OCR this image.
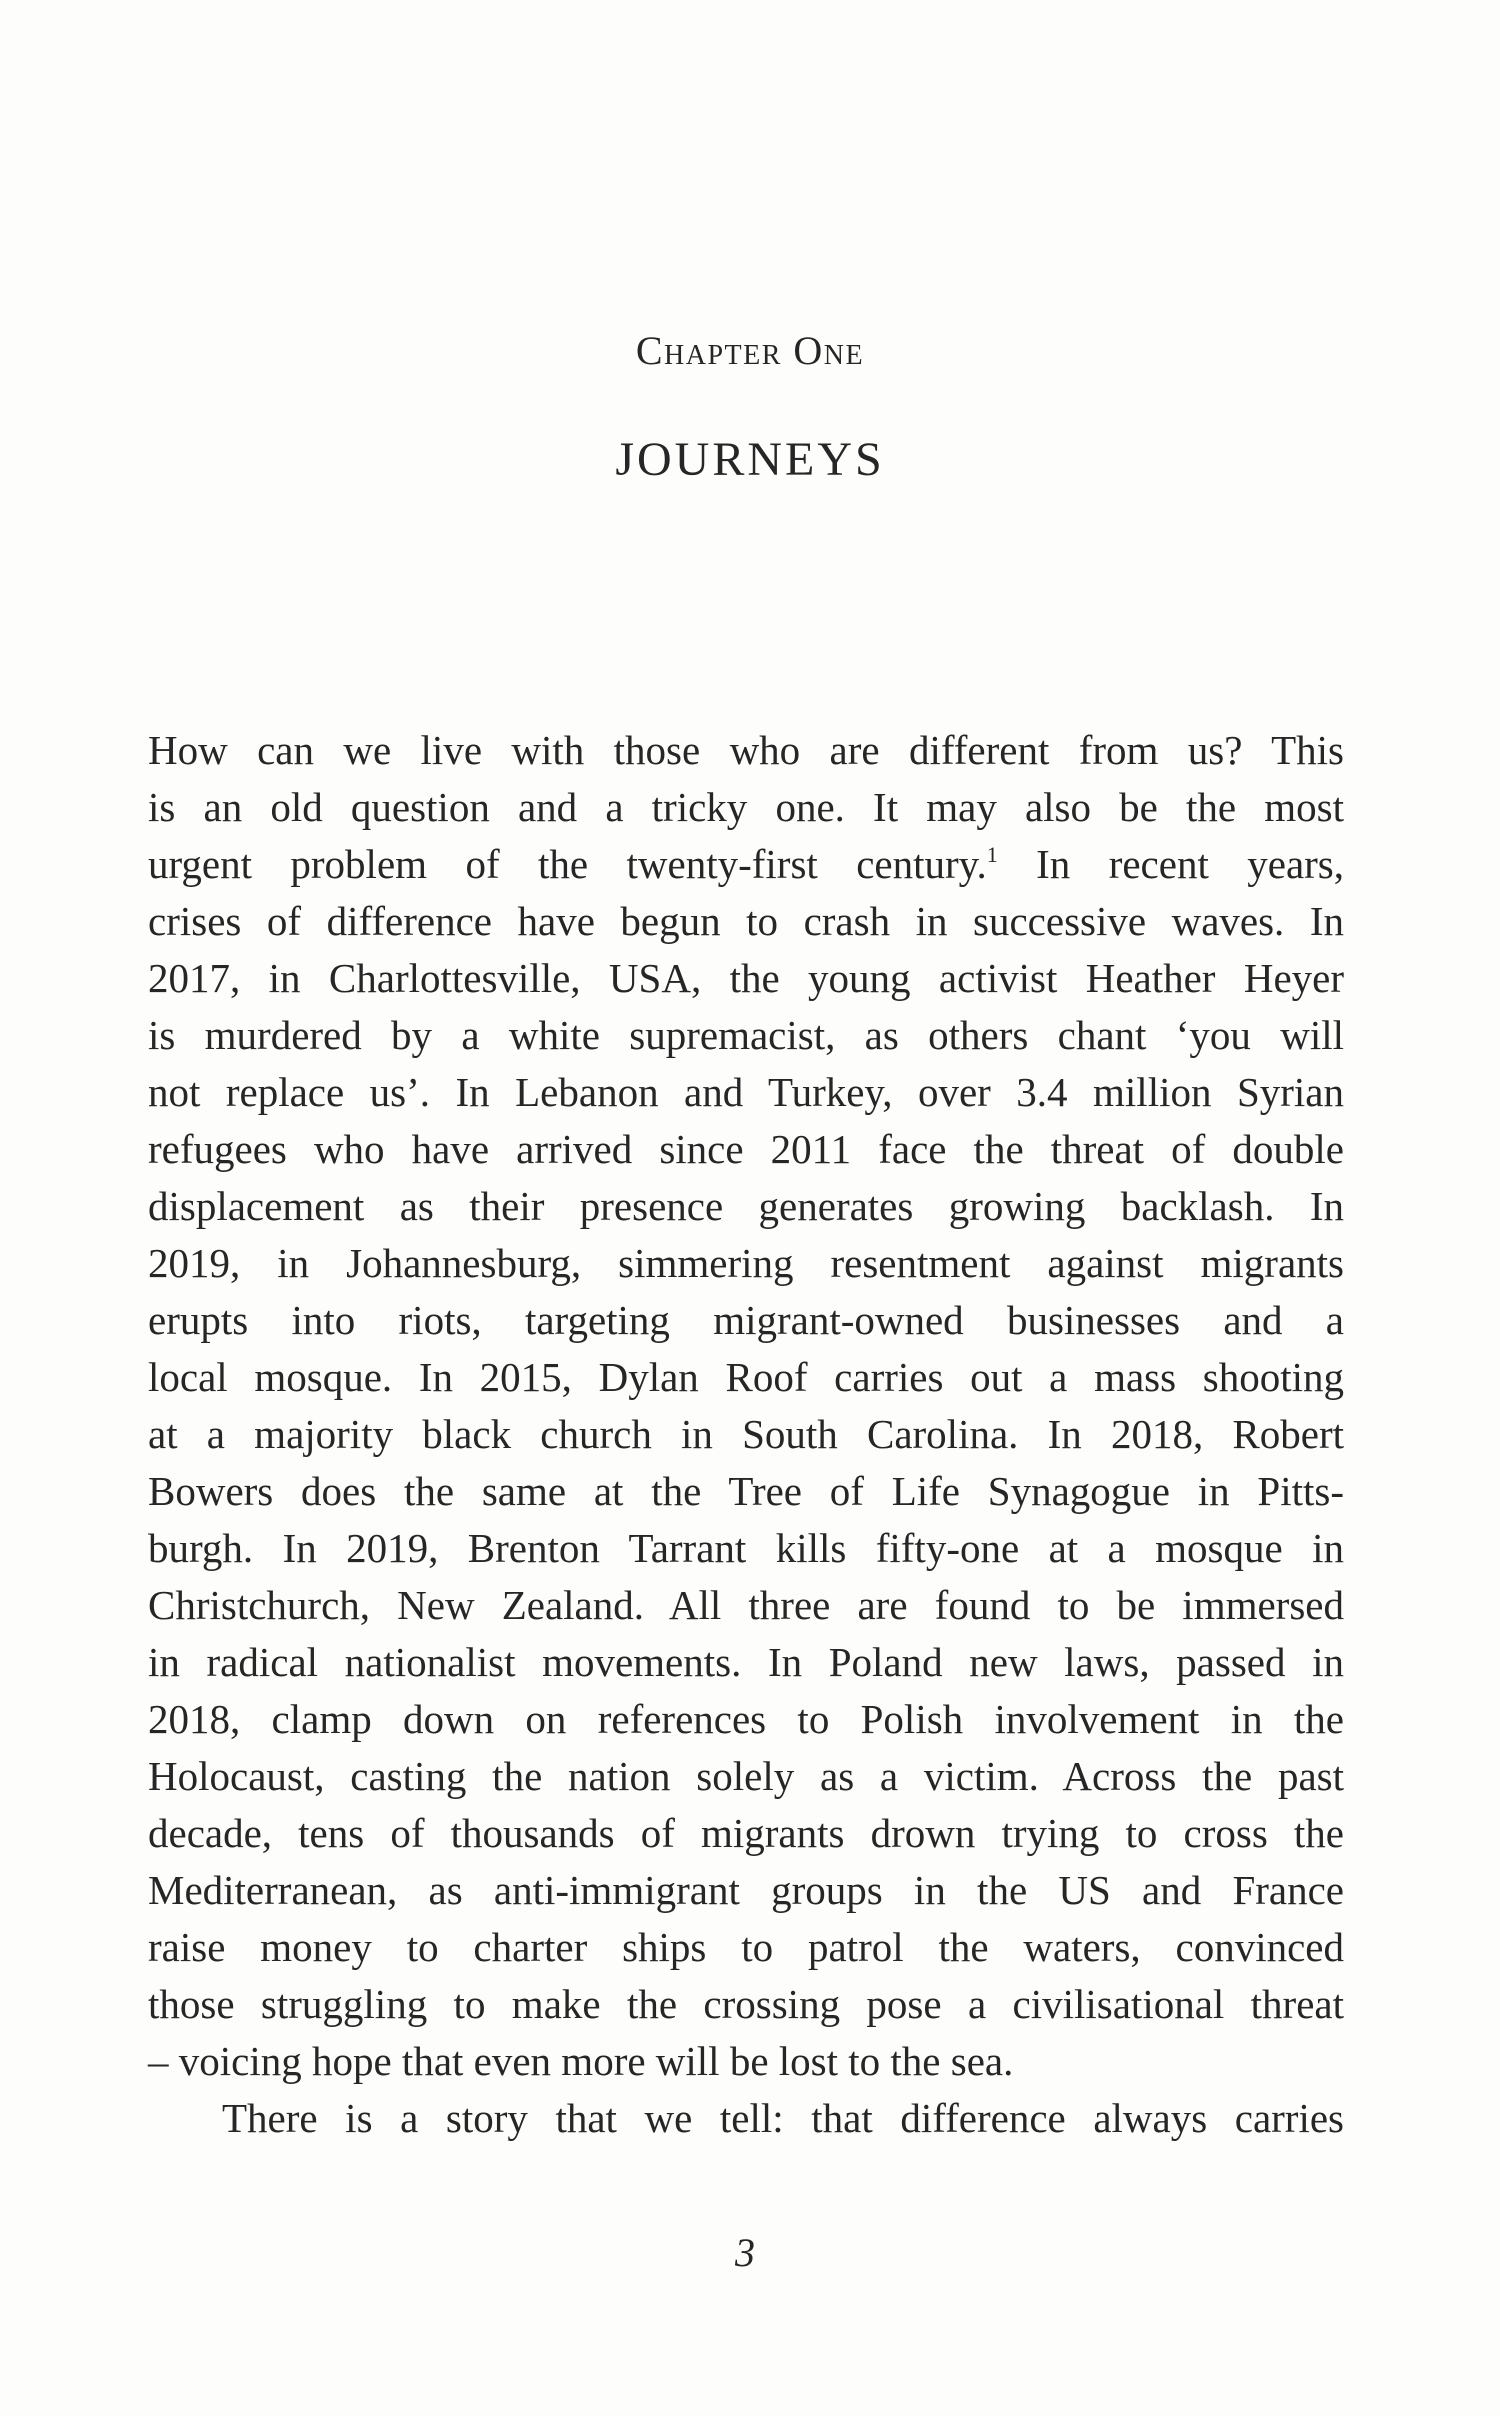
Chapter One
JOURNEYS
How can we live with those who are different from us? This
is an old question and a tricky one. It may also be the most
urgent problem of the twenty-first century.$^1$ In recent years,
crises of difference have begun to crash in successive waves. In
2017, in Charlottesville, USA, the young activist Heather Heyer
is murdered by a white supremacist, as others chant ‘you will
not replace us’. In Lebanon and Turkey, over 3.4 million Syrian
refugees who have arrived since 2011 face the threat of double
displacement as their presence generates growing backlash. In
2019, in Johannesburg, simmering resentment against migrants
erupts into riots, targeting migrant-owned businesses and a
local mosque. In 2015, Dylan Roof carries out a mass shooting
at a majority black church in South Carolina. In 2018, Robert
Bowers does the same at the Tree of Life Synagogue in Pitts-
burgh. In 2019, Brenton Tarrant kills fifty-one at a mosque in
Christchurch, New Zealand. All three are found to be immersed
in radical nationalist movements. In Poland new laws, passed in
2018, clamp down on references to Polish involvement in the
Holocaust, casting the nation solely as a victim. Across the past
decade, tens of thousands of migrants drown trying to cross the
Mediterranean, as anti-immigrant groups in the US and France
raise money to charter ships to patrol the waters, convinced
those struggling to make the crossing pose a civilisational threat
– voicing hope that even more will be lost to the sea.
There is a story that we tell: that difference always carries
3
